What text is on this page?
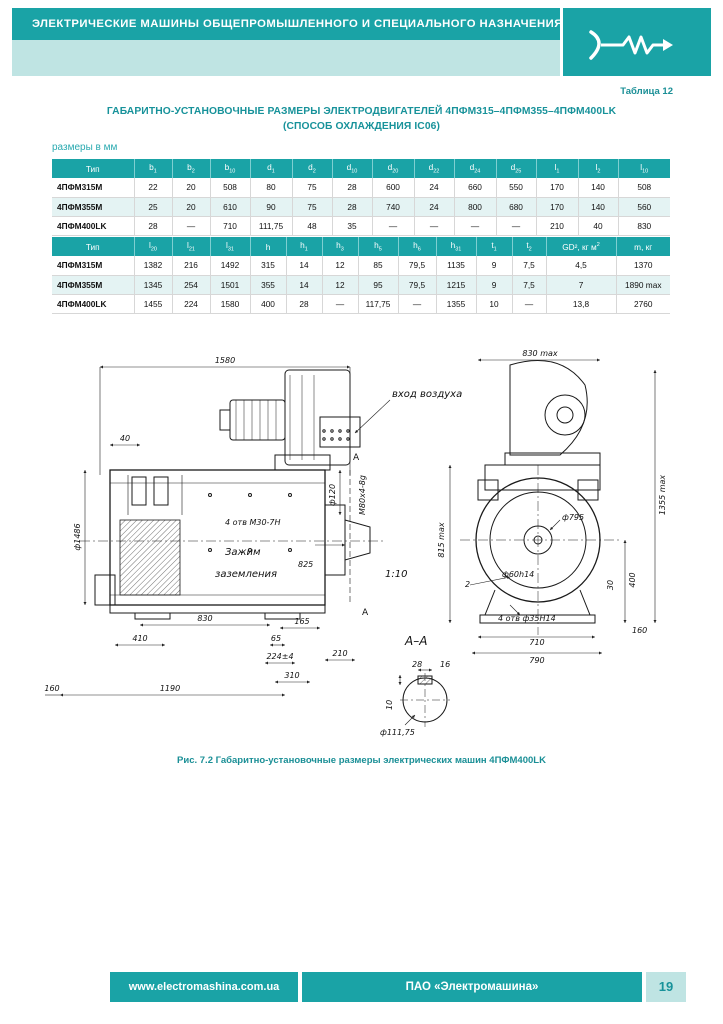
ЭЛЕКТРИЧЕСКИЕ МАШИНЫ ОБЩЕПРОМЫШЛЕННОГО И СПЕЦИАЛЬНОГО НАЗНАЧЕНИЯ
Таблица 12
ГАБАРИТНО-УСТАНОВОЧНЫЕ РАЗМЕРЫ ЭЛЕКТРОДВИГАТЕЛЕЙ 4ПФМ315–4ПФМ355–4ПФМ400LK
(СПОСОБ ОХЛАЖДЕНИЯ IC06)
размеры в мм
Тип	$b_1$	$b_2$	$b_{10}$	$d_1$	$d_2$	$d_{10}$	$d_{20}$	$d_{22}$	$d_{24}$	$d_{25}$	$l_1$	$l_2$	$l_{10}$
4ПФМ315М	22	20	508	80	75	28	600	24	660	550	170	140	508
4ПФМ355М	25	20	610	90	75	28	740	24	800	680	170	140	560
4ПФМ400LK	28	—	710	111,75	48	35	—	—	—	—	210	40	830
Тип	$l_{20}$	$l_{21}$	$l_{31}$	h	$h_1$	$h_3$	$h_5$	$h_6$	$h_{31}$	$t_1$	$t_2$	GD², кг $м^2$	m, кг
4ПФМ315М	1382	216	1492	315	14	12	85	79,5	1135	9	7,5	4,5	1370
4ПФМ355М	1345	254	1501	355	14	12	95	79,5	1215	9	7,5	7	1890 max
4ПФМ400LK	1455	224	1580	400	28	—	117,75	—	1355	10	—	13,8	2760
1580
40
830 max
1355 max
815 max
400
30
160
710
790
830
410	65
165
224±4	210
310
1190
160
825
ф120	М80х4-8g
ф1486
ф795
ф60h14
4 отв ф35Н14
4 отв М30-7Н
28 16
10
ф111,75
2
вход воздуха
Зажим
заземления	1:10
А–А
А
А
Рис. 7.2 Габаритно-установочные размеры электрических машин 4ПФМ400LK
www.electromashina.com.ua	ПАО «Электромашина»	19
